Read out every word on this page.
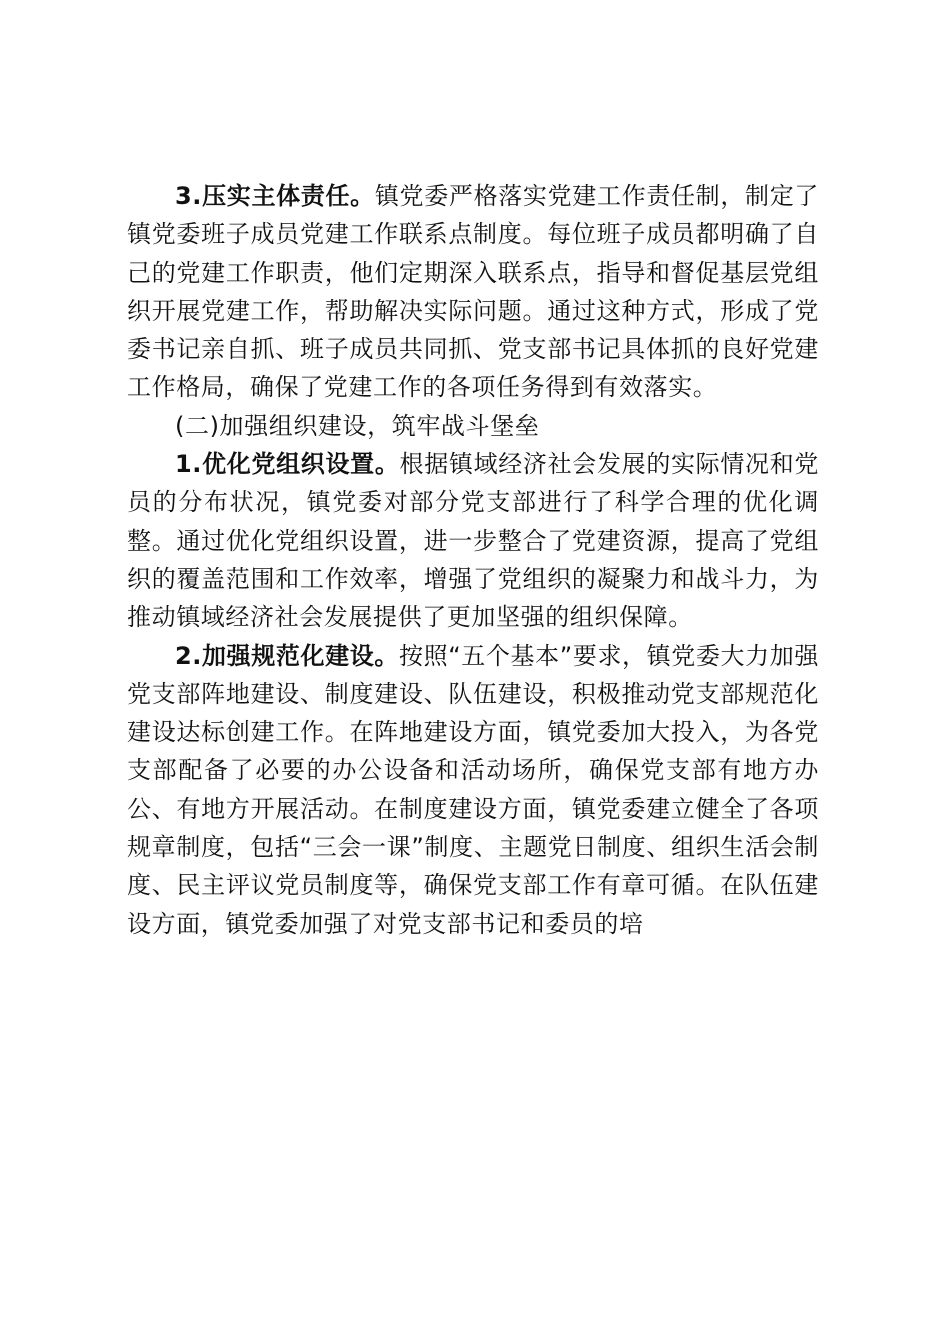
3.压实主体责任。镇党委严格落实党建工作责任制，制定了镇党委班子成员党建工作联系点制度。每位班子成员都明确了自己的党建工作职责，他们定期深入联系点，指导和督促基层党组织开展党建工作，帮助解决实际问题。通过这种方式，形成了党委书记亲自抓、班子成员共同抓、党支部书记具体抓的良好党建工作格局，确保了党建工作的各项任务得到有效落实。

(二)加强组织建设，筑牢战斗堡垒

1.优化党组织设置。根据镇域经济社会发展的实际情况和党员的分布状况，镇党委对部分党支部进行了科学合理的优化调整。通过优化党组织设置，进一步整合了党建资源，提高了党组织的覆盖范围和工作效率，增强了党组织的凝聚力和战斗力，为推动镇域经济社会发展提供了更加坚强的组织保障。

2.加强规范化建设。按照“五个基本”要求，镇党委大力加强党支部阵地建设、制度建设、队伍建设，积极推动党支部规范化建设达标创建工作。在阵地建设方面，镇党委加大投入，为各党支部配备了必要的办公设备和活动场所，确保党支部有地方办公、有地方开展活动。在制度建设方面，镇党委建立健全了各项规章制度，包括“三会一课”制度、主题党日制度、组织生活会制度、民主评议党员制度等，确保党支部工作有章可循。在队伍建设方面，镇党委加强了对党支部书记和委员的培
